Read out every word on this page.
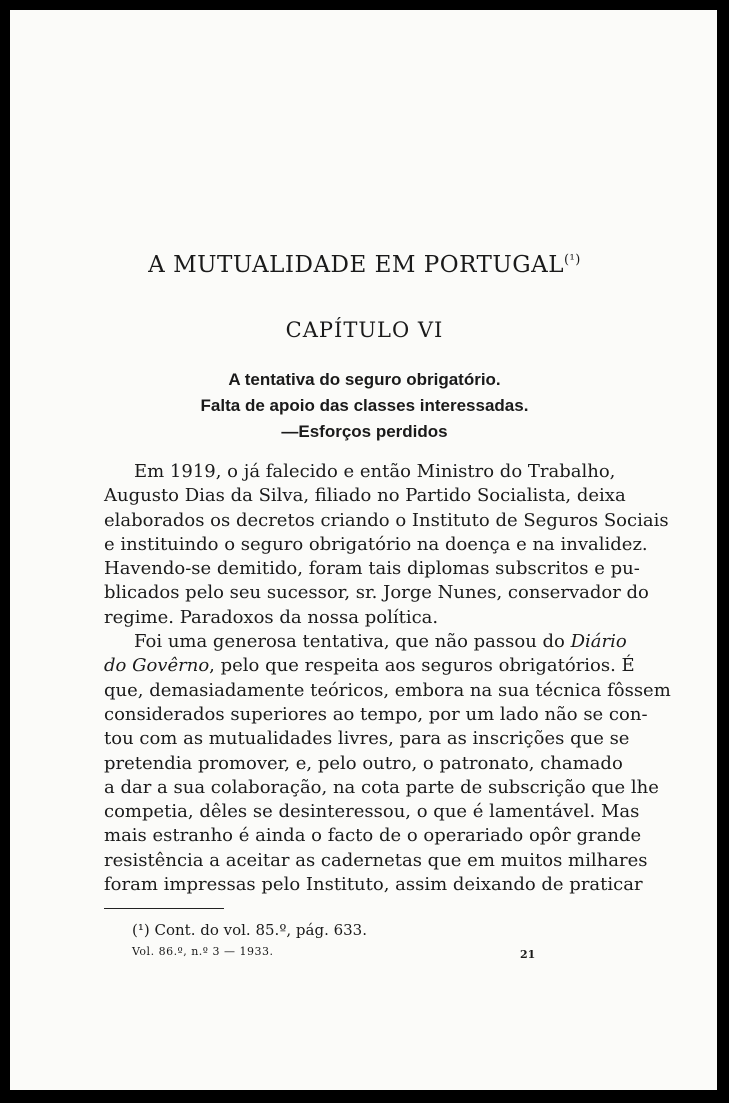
A MUTUALIDADE EM $PORTUGAL^{(^1)}$
CAPÍTULO VI
A tentativa do seguro obrigatório.
Falta de apoio das classes interessadas.
—Esforços perdidos
Em 1919, o já falecido e então Ministro do Trabalho,
Augusto Dias da Silva, filiado no Partido Socialista, deixa
elaborados os decretos criando o Instituto de Seguros Sociais
e instituindo o seguro obrigatório na doença e na invalidez.
Havendo-se demitido, foram tais diplomas subscritos e pu-
blicados pelo seu sucessor, sr. Jorge Nunes, conservador do
regime. Paradoxos da nossa política.
Foi uma generosa tentativa, que não passou do Diário
do Govêrno, pelo que respeita aos seguros obrigatórios. É
que, demasiadamente teóricos, embora na sua técnica fôssem
considerados superiores ao tempo, por um lado não se con-
tou com as mutualidades livres, para as inscrições que se
pretendia promover, e, pelo outro, o patronato, chamado
a dar a sua colaboração, na cota parte de subscrição que lhe
competia, dêles se desinteressou, o que é lamentável. Mas
mais estranho é ainda o facto de o operariado opôr grande
resistência a aceitar as cadernetas que em muitos milhares
foram impressas pelo Instituto, assim deixando de praticar
(¹) Cont. do vol. 85.º, pág. 633.
Vol. 86.º, n.º 3 — 1933.	21
